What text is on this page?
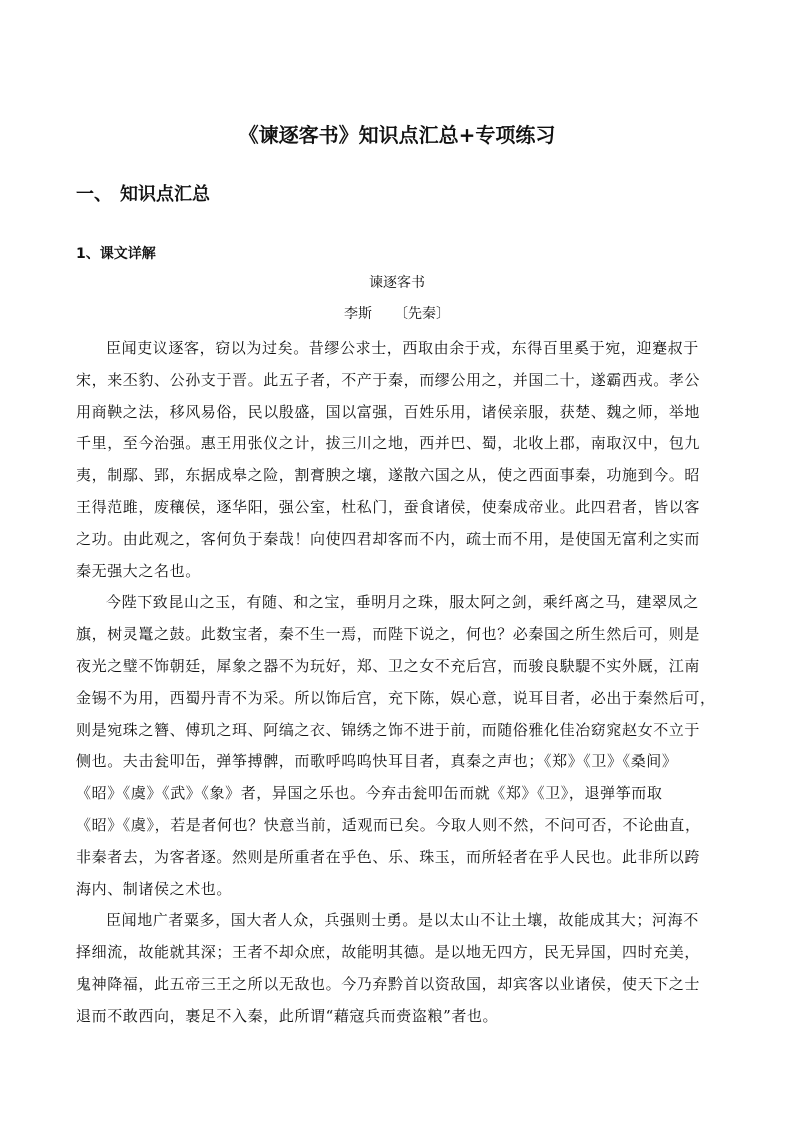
《谏逐客书》知识点汇总+专项练习
一、 知识点汇总
1、课文详解
谏逐客书
李斯 〔先秦〕
臣闻吏议逐客，窃以为过矣。昔缪公求士，西取由余于戎，东得百里奚于宛，迎蹇叔于
宋，来丕豹、公孙支于晋。此五子者，不产于秦，而缪公用之，并国二十，遂霸西戎。孝公
用商鞅之法，移风易俗，民以殷盛，国以富强，百姓乐用，诸侯亲服，获楚、魏之师，举地
千里，至今治强。惠王用张仪之计，拔三川之地，西并巴、蜀，北收上郡，南取汉中，包九
夷，制鄢、郢，东据成皋之险，割膏腴之壤，遂散六国之从，使之西面事秦，功施到今。昭
王得范雎，废穰侯，逐华阳，强公室，杜私门，蚕食诸侯，使秦成帝业。此四君者，皆以客
之功。由此观之，客何负于秦哉！向使四君却客而不内，疏士而不用，是使国无富利之实而
秦无强大之名也。
今陛下致昆山之玉，有随、和之宝，垂明月之珠，服太阿之剑，乘纤离之马，建翠凤之
旗，树灵鼍之鼓。此数宝者，秦不生一焉，而陛下说之，何也？必秦国之所生然后可，则是
夜光之璧不饰朝廷，犀象之器不为玩好，郑、卫之女不充后宫，而骏良駃騠不实外厩，江南
金锡不为用，西蜀丹青不为采。所以饰后宫，充下陈，娱心意，说耳目者，必出于秦然后可，
则是宛珠之簪、傅玑之珥、阿缟之衣、锦绣之饰不进于前，而随俗雅化佳冶窈窕赵女不立于
侧也。夫击瓮叩缶，弹筝搏髀，而歌呼呜呜快耳目者，真秦之声也；《郑》《卫》《桑间》
《昭》《虞》《武》《象》者，异国之乐也。今弃击瓮叩缶而就《郑》《卫》，退弹筝而取
《昭》《虞》，若是者何也？快意当前，适观而已矣。今取人则不然，不问可否，不论曲直，
非秦者去，为客者逐。然则是所重者在乎色、乐、珠玉，而所轻者在乎人民也。此非所以跨
海内、制诸侯之术也。
臣闻地广者粟多，国大者人众，兵强则士勇。是以太山不让土壤，故能成其大；河海不
择细流，故能就其深；王者不却众庶，故能明其德。是以地无四方，民无异国，四时充美，
鬼神降福，此五帝三王之所以无敌也。今乃弃黔首以资敌国，却宾客以业诸侯，使天下之士
退而不敢西向，裹足不入秦，此所谓“藉寇兵而赍盗粮”者也。
